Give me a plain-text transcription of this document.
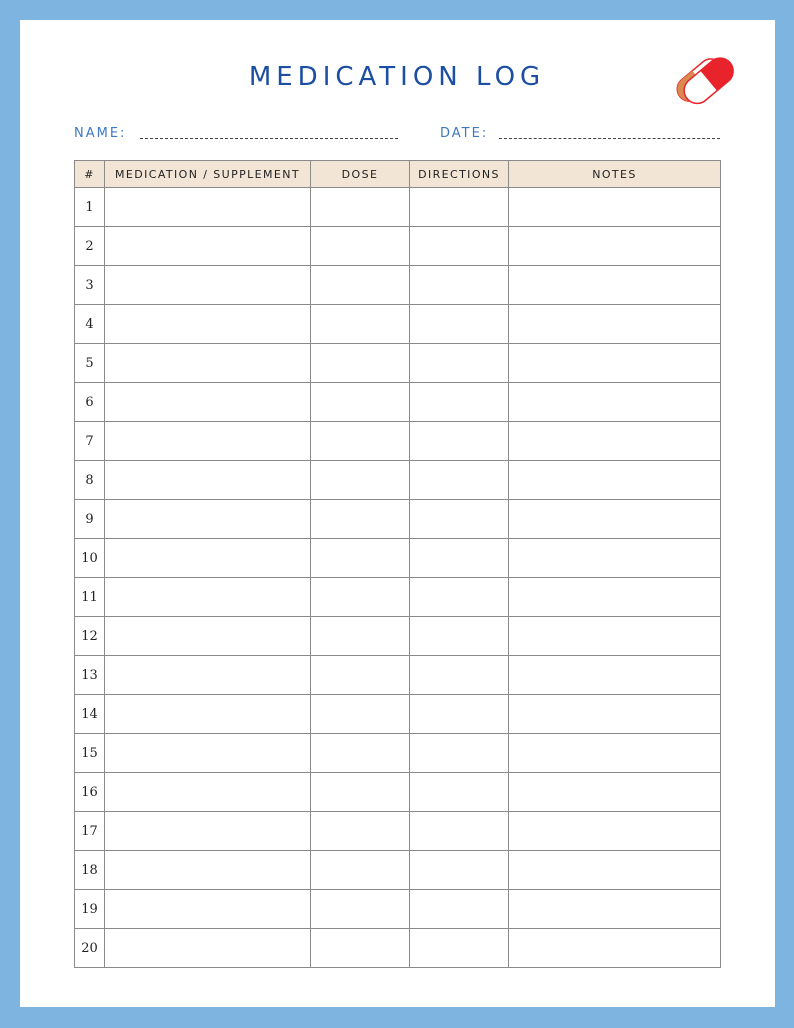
MEDICATION LOG
NAME:	DATE:
#	MEDICATION / SUPPLEMENT	DOSE	DIRECTIONS	NOTES
1				
2				
3				
4				
5				
6				
7				
8				
9				
10				
11				
12				
13				
14				
15				
16				
17				
18				
19				
20				
